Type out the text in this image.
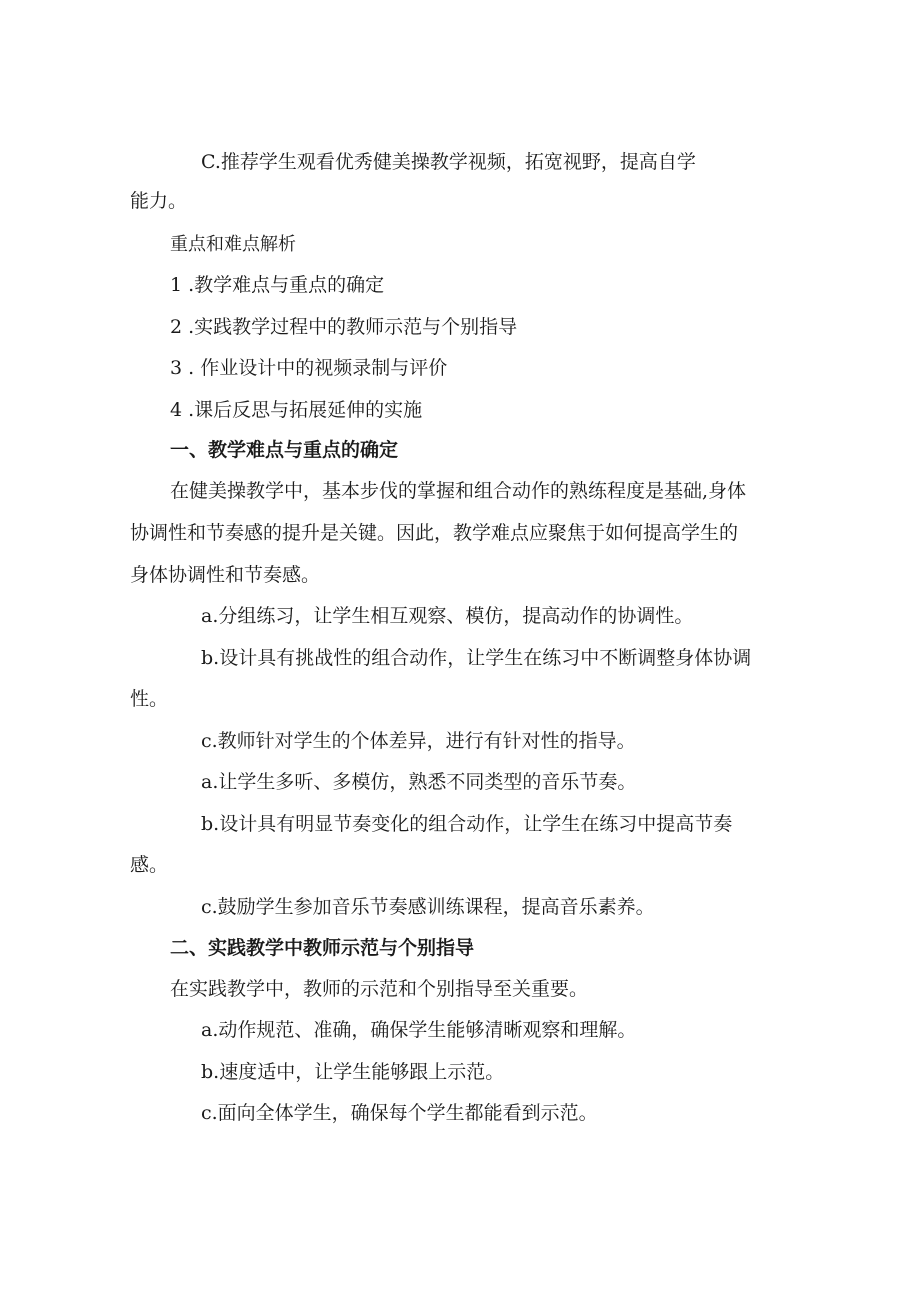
C.推荐学生观看优秀健美操教学视频，拓宽视野，提高自学
能力。
重点和难点解析
1 .教学难点与重点的确定
2 .实践教学过程中的教师示范与个别指导
3 . 作业设计中的视频录制与评价
4 .课后反思与拓展延伸的实施
一、教学难点与重点的确定
在健美操教学中，基本步伐的掌握和组合动作的熟练程度是基础,身体
协调性和节奏感的提升是关键。因此，教学难点应聚焦于如何提高学生的
身体协调性和节奏感。
a.分组练习，让学生相互观察、模仿，提高动作的协调性。
b.设计具有挑战性的组合动作，让学生在练习中不断调整身体协调
性。
c.教师针对学生的个体差异，进行有针对性的指导。
a.让学生多听、多模仿，熟悉不同类型的音乐节奏。
b.设计具有明显节奏变化的组合动作，让学生在练习中提高节奏
感。
c.鼓励学生参加音乐节奏感训练课程，提高音乐素养。
二、实践教学中教师示范与个别指导
在实践教学中，教师的示范和个别指导至关重要。
a.动作规范、准确，确保学生能够清晰观察和理解。
b.速度适中，让学生能够跟上示范。
c.面向全体学生，确保每个学生都能看到示范。
